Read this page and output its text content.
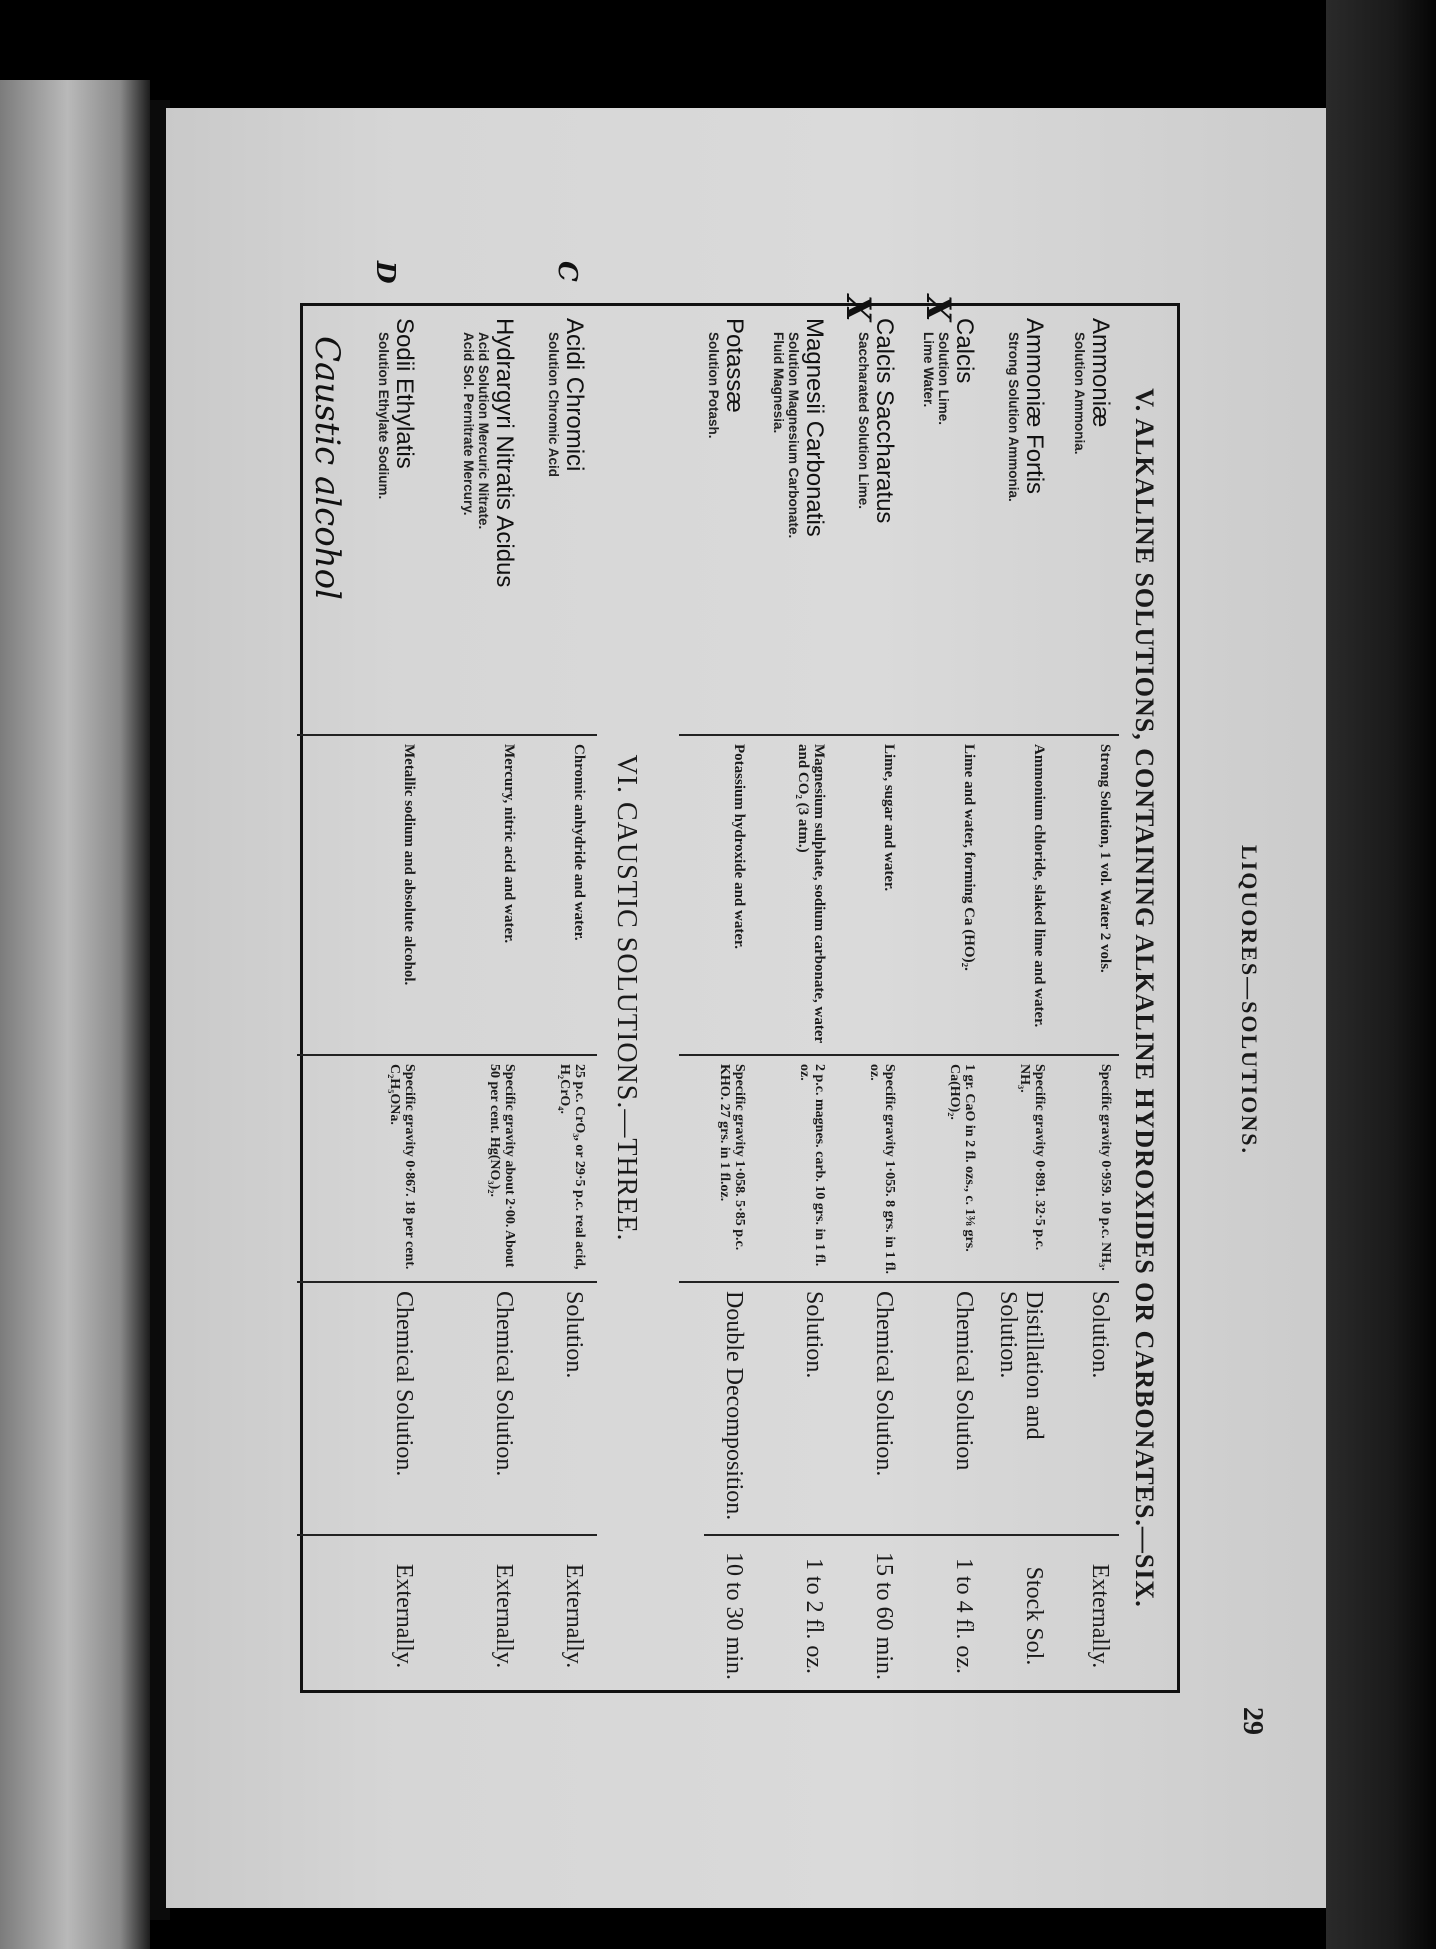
LIQUORES—SOLUTIONS.
29
V. ALKALINE SOLUTIONS, CONTAINING ALKALINE HYDROXIDES OR CARBONATES.—SIX.
Ammoniæ
Solution Ammonia.
Strong Solution, 1 vol. Water 2 vols.
Specific gravity 0·959. 10 p.c. NH₃.
Solution.
Externally.
Ammoniæ Fortis
Strong Solution Ammonia.
Ammonium chloride, slaked lime and water.
Specific gravity 0·891. 32·5 p.c. NH₃.
Distillation and Solution.
Stock Sol.
Calcis
Solution Lime.
Lime Water.
Lime and water, forming Ca (HO)₂.
1 gr. CaO in 2 fl. ozs., c. 1⅜ grs. Ca(HO)₂.
Chemical Solution
1 to 4 fl. oz.
Calcis Saccharatus
Saccharated Solution Lime.
Lime, sugar and water.
Specific gravity 1·055. 8 grs. in 1 fl. oz.
Chemical Solution.
15 to 60 min.
Magnesii Carbonatis
Solution Magnesium Carbonate.
Fluid Magnesia.
Magnesium sulphate, sodium carbonate, water and CO₂ (3 atm.)
2 p.c. magnes. carb. 10 grs. in 1 fl. oz.
Solution.
1 to 2 fl. oz.
Potassæ
Solution Potash.
Potassium hydroxide and water.
Specific gravity 1·058. 5·85 p.c. KHO. 27 grs. in 1 fl.oz.
Double Decomposition.
10 to 30 min.
VI. CAUSTIC SOLUTIONS.—THREE.
Acidi Chromici
Solution Chromic Acid
Chromic anhydride and water.
25 p.c. CrO₃, or 29·5 p.c. real acid, H₂CrO₄.
Solution.
Externally.
Hydrargyri Nitratis Acidus
Acid Solution Mercuric Nitrate.
Acid Sol. Pernitrate Mercury.
Mercury, nitric acid and water.
Specific gravity about 2·00. About 50 per cent. Hg(NO₃)₂.
Chemical Solution.
Externally.
Sodii Ethylatis
Solution Ethylate Sodium.
Metallic sodium and absolute alcohol.
Specific gravity 0·867. 18 per cent. C₂H₅ONa.
Chemical Solution.
Externally.
Caustic alcohol
X
X
C
D
